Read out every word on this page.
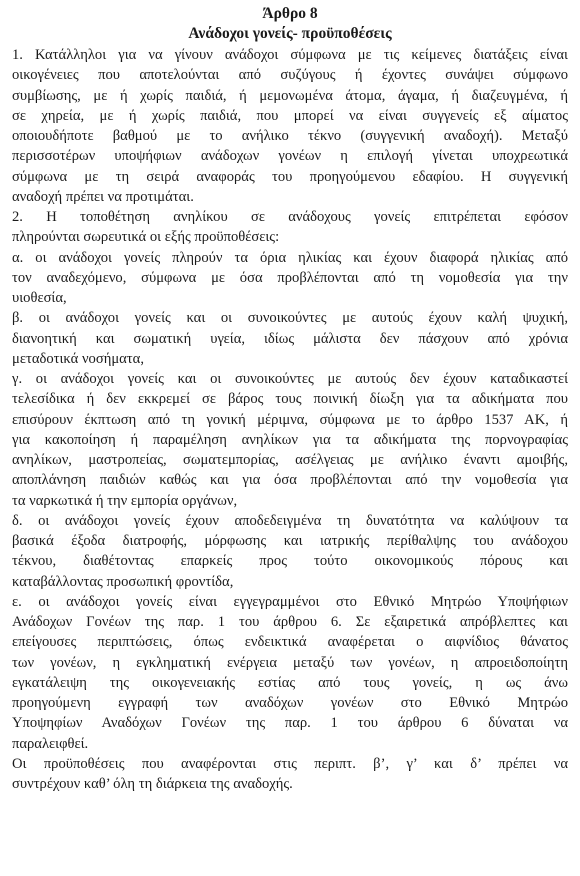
Άρθρο 8
Ανάδοχοι γονείς- προϋποθέσεις
1. Κατάλληλοι για να γίνουν ανάδοχοι σύμφωνα με τις κείμενες διατάξεις είναι
οικογένειες που αποτελούνται από συζύγους ή έχοντες συνάψει σύμφωνο
συμβίωσης, με ή χωρίς παιδιά, ή μεμονωμένα άτομα, άγαμα, ή διαζευγμένα, ή
σε χηρεία, με ή χωρίς παιδιά, που μπορεί να είναι συγγενείς εξ αίματος
οποιουδήποτε βαθμού με το ανήλικο τέκνο (συγγενική αναδοχή). Μεταξύ
περισσοτέρων υποψήφιων ανάδοχων γονέων η επιλογή γίνεται υποχρεωτικά
σύμφωνα με τη σειρά αναφοράς του προηγούμενου εδαφίου. Η συγγενική
αναδοχή πρέπει να προτιμάται.
2. Η τοποθέτηση ανηλίκου σε ανάδοχους γονείς επιτρέπεται εφόσον
πληρούνται σωρευτικά οι εξής προϋποθέσεις:
α. οι ανάδοχοι γονείς πληρούν τα όρια ηλικίας και έχουν διαφορά ηλικίας από
τον αναδεχόμενο, σύμφωνα με όσα προβλέπονται από τη νομοθεσία για την
υιοθεσία,
β. οι ανάδοχοι γονείς και οι συνοικούντες με αυτούς έχουν καλή ψυχική,
διανοητική και σωματική υγεία, ιδίως μάλιστα δεν πάσχουν από χρόνια
μεταδοτικά νοσήματα,
γ. οι ανάδοχοι γονείς και οι συνοικούντες με αυτούς δεν έχουν καταδικαστεί
τελεσίδικα ή δεν εκκρεμεί σε βάρος τους ποινική δίωξη για τα αδικήματα που
επισύρουν έκπτωση από τη γονική μέριμνα, σύμφωνα με το άρθρο 1537 ΑΚ, ή
για κακοποίηση ή παραμέληση ανηλίκων για τα αδικήματα της πορνογραφίας
ανηλίκων, μαστροπείας, σωματεμπορίας, ασέλγειας με ανήλικο έναντι αμοιβής,
αποπλάνηση παιδιών καθώς και για όσα προβλέπονται από την νομοθεσία για
τα ναρκωτικά ή την εμπορία οργάνων,
δ. οι ανάδοχοι γονείς έχουν αποδεδειγμένα τη δυνατότητα να καλύψουν τα
βασικά έξοδα διατροφής, μόρφωσης και ιατρικής περίθαλψης του ανάδοχου
τέκνου, διαθέτοντας επαρκείς προς τούτο οικονομικούς πόρους και
καταβάλλοντας προσωπική φροντίδα,
ε. οι ανάδοχοι γονείς είναι εγγεγραμμένοι στο Εθνικό Μητρώο Υποψήφιων
Ανάδοχων Γονέων της παρ. 1 του άρθρου 6. Σε εξαιρετικά απρόβλεπτες και
επείγουσες περιπτώσεις, όπως ενδεικτικά αναφέρεται ο αιφνίδιος θάνατος
των γονέων, η εγκληματική ενέργεια μεταξύ των γονέων, η απροειδοποίητη
εγκατάλειψη της οικογενειακής εστίας από τους γονείς, η ως άνω
προηγούμενη εγγραφή των αναδόχων γονέων στο Εθνικό Μητρώο
Υποψηφίων Αναδόχων Γονέων της παρ. 1 του άρθρου 6 δύναται να
παραλειφθεί.
Οι προϋποθέσεις που αναφέρονται στις περιπτ. β’, γ’ και δ’ πρέπει να
συντρέχουν καθ’ όλη τη διάρκεια της αναδοχής.
